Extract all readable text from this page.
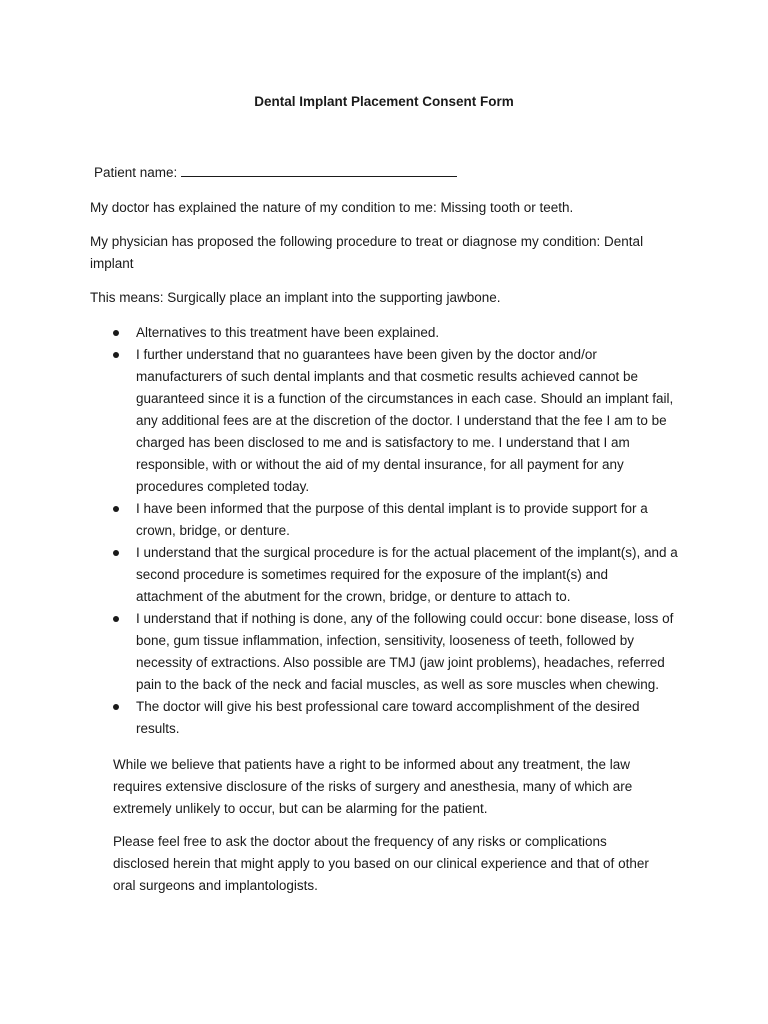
Dental Implant Placement Consent Form
Patient name:
My doctor has explained the nature of my condition to me: Missing tooth or teeth.
My physician has proposed the following procedure to treat or diagnose my condition: Dental implant
This means: Surgically place an implant into the supporting jawbone.
Alternatives to this treatment have been explained.
I further understand that no guarantees have been given by the doctor and/or manufacturers of such dental implants and that cosmetic results achieved cannot be guaranteed since it is a function of the circumstances in each case. Should an implant fail, any additional fees are at the discretion of the doctor. I understand that the fee I am to be charged has been disclosed to me and is satisfactory to me. I understand that I am responsible, with or without the aid of my dental insurance, for all payment for any procedures completed today.
I have been informed that the purpose of this dental implant is to provide support for a crown, bridge, or denture.
I understand that the surgical procedure is for the actual placement of the implant(s), and a second procedure is sometimes required for the exposure of the implant(s) and attachment of the abutment for the crown, bridge, or denture to attach to.
I understand that if nothing is done, any of the following could occur: bone disease, loss of bone, gum tissue inflammation, infection, sensitivity, looseness of teeth, followed by necessity of extractions. Also possible are TMJ (jaw joint problems), headaches, referred pain to the back of the neck and facial muscles, as well as sore muscles when chewing.
The doctor will give his best professional care toward accomplishment of the desired results.
While we believe that patients have a right to be informed about any treatment, the law requires extensive disclosure of the risks of surgery and anesthesia, many of which are extremely unlikely to occur, but can be alarming for the patient.
Please feel free to ask the doctor about the frequency of any risks or complications disclosed herein that might apply to you based on our clinical experience and that of other oral surgeons and implantologists.
